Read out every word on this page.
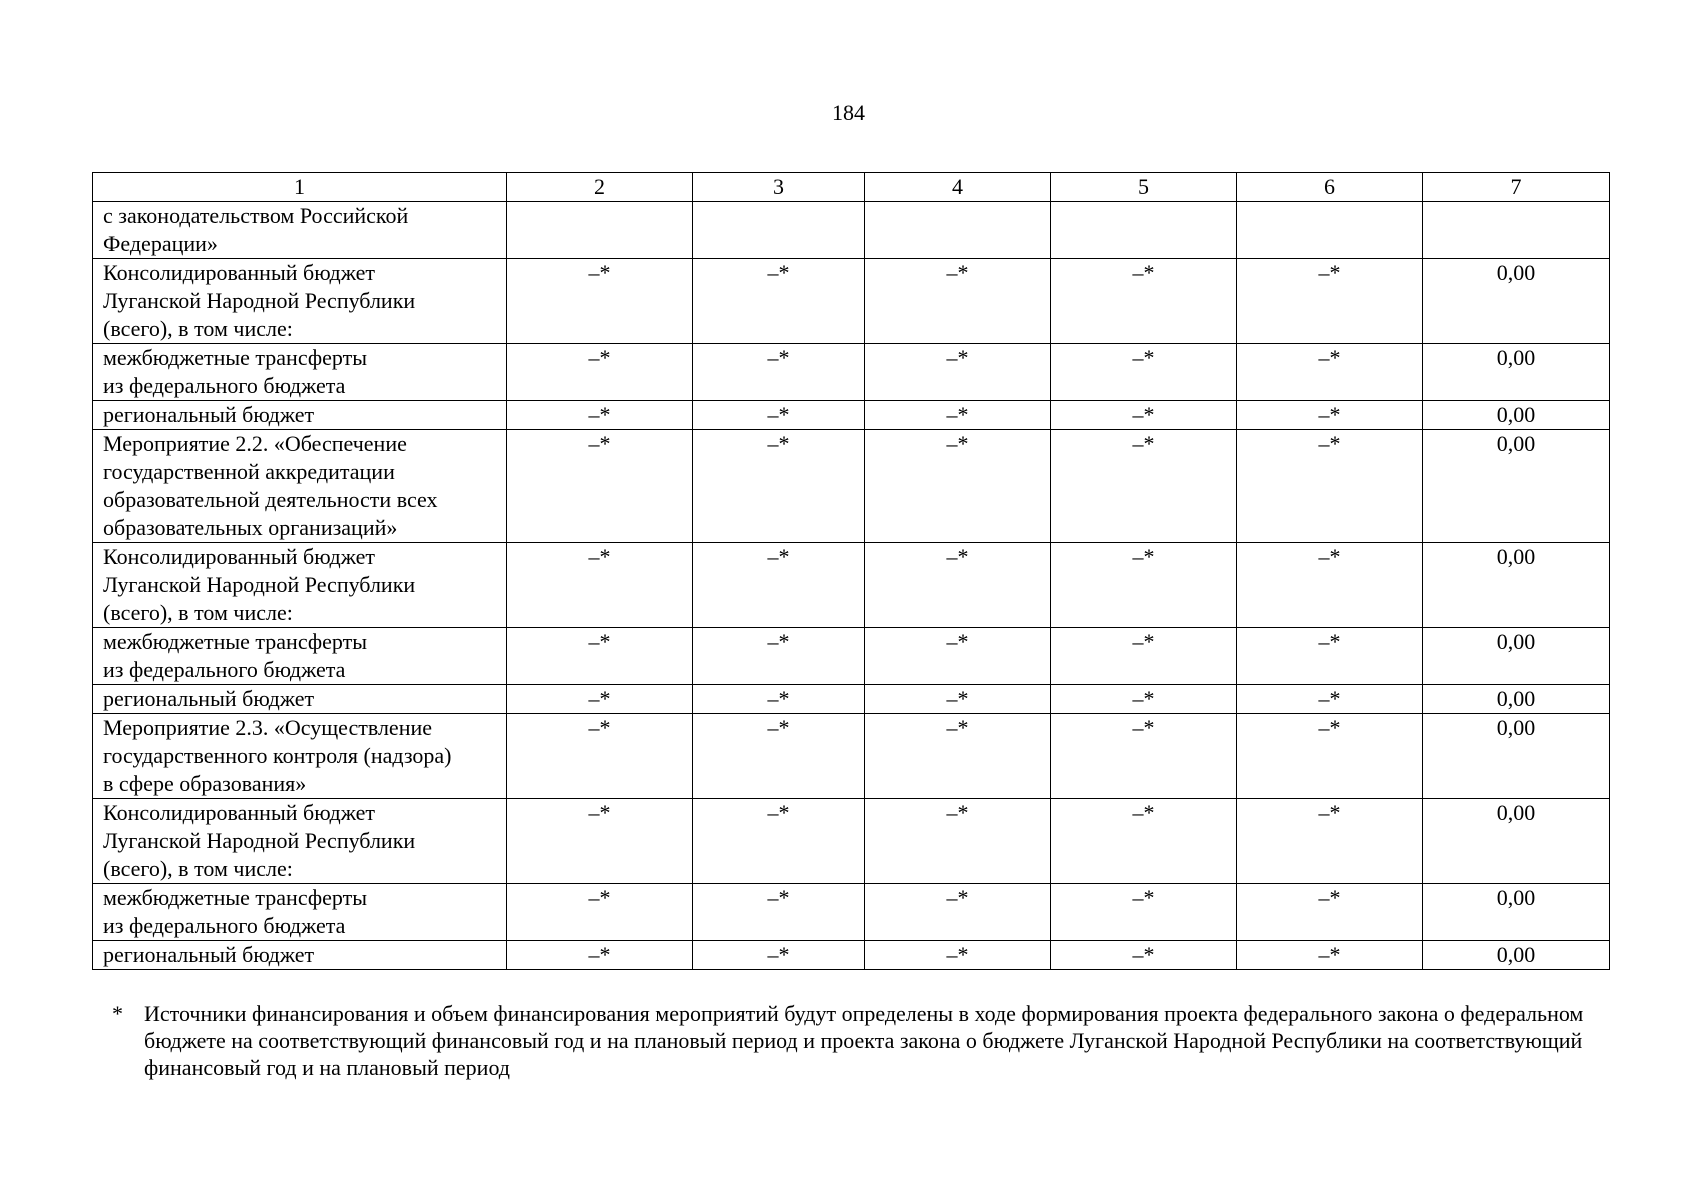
184
1	2	3	4	5	6	7
с законодательством Российской
Федерации»						
Консолидированный бюджет
Луганской Народной Республики
(всего), в том числе:	–*	–*	–*	–*	–*	0,00
межбюджетные трансферты
из федерального бюджета	–*	–*	–*	–*	–*	0,00
региональный бюджет	–*	–*	–*	–*	–*	0,00
Мероприятие 2.2. «Обеспечение
государственной аккредитации
образовательной деятельности всех
образовательных организаций»	–*	–*	–*	–*	–*	0,00
Консолидированный бюджет
Луганской Народной Республики
(всего), в том числе:	–*	–*	–*	–*	–*	0,00
межбюджетные трансферты
из федерального бюджета	–*	–*	–*	–*	–*	0,00
региональный бюджет	–*	–*	–*	–*	–*	0,00
Мероприятие 2.3. «Осуществление
государственного контроля (надзора)
в сфере образования»	–*	–*	–*	–*	–*	0,00
Консолидированный бюджет
Луганской Народной Республики
(всего), в том числе:	–*	–*	–*	–*	–*	0,00
межбюджетные трансферты
из федерального бюджета	–*	–*	–*	–*	–*	0,00
региональный бюджет	–*	–*	–*	–*	–*	0,00
* Источники финансирования и объем финансирования мероприятий будут определены в ходе формирования проекта федерального закона о федеральном бюджете на соответствующий финансовый год и на плановый период и проекта закона о бюджете Луганской Народной Республики на соответствующий финансовый год и на плановый период
